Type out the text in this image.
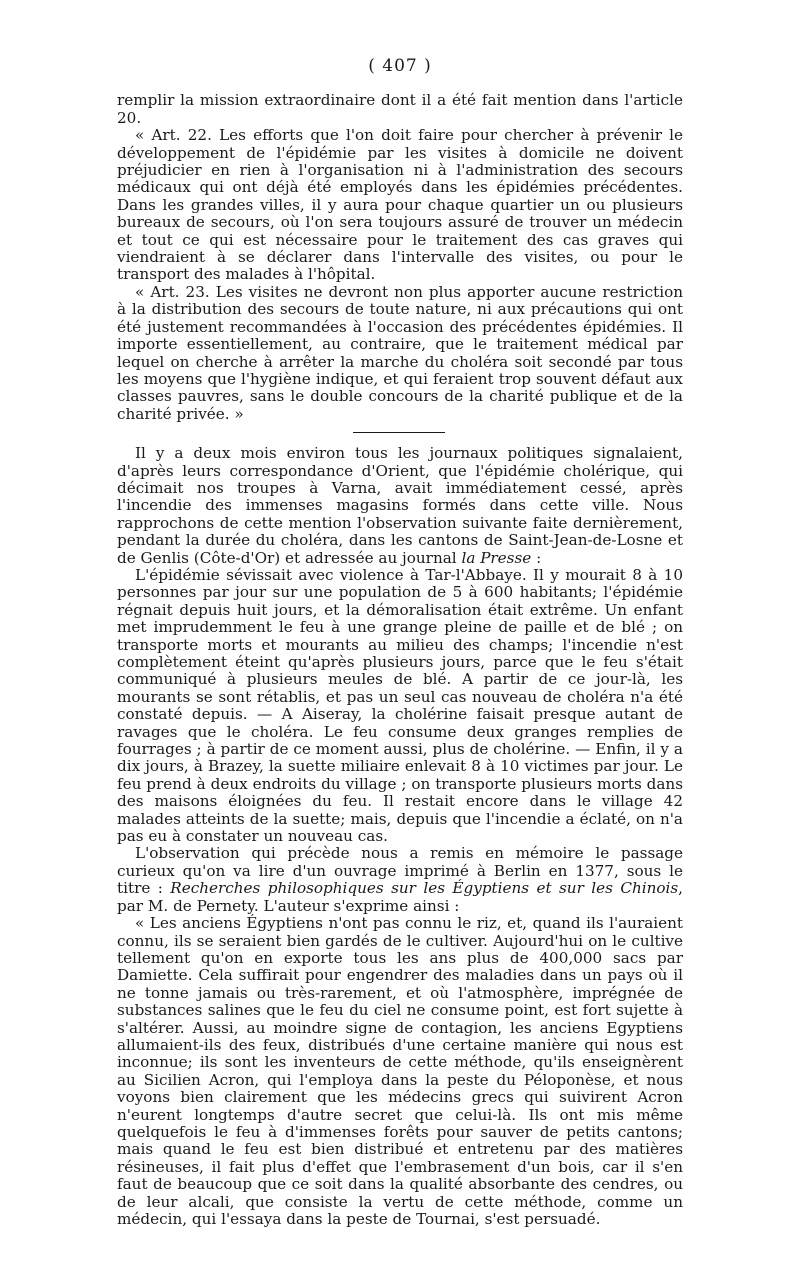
( 407 )

remplir la mission extraordinaire dont il a été fait mention dans l'article 20.

« Art. 22. Les efforts que l'on doit faire pour chercher à prévenir le développement de l'épidémie par les visites à domicile ne doivent préjudicier en rien à l'organisation ni à l'administration des secours médicaux qui ont déjà été employés dans les épidémies précédentes. Dans les grandes villes, il y aura pour chaque quartier un ou plusieurs bureaux de secours, où l'on sera toujours assuré de trouver un médecin et tout ce qui est nécessaire pour le traitement des cas graves qui viendraient à se déclarer dans l'intervalle des visites, ou pour le transport des malades à l'hôpital.

« Art. 23. Les visites ne devront non plus apporter aucune restriction à la distribution des secours de toute nature, ni aux précautions qui ont été justement recommandées à l'occasion des précédentes épidémies. Il importe essentiellement, au contraire, que le traitement médical par lequel on cherche à arrêter la marche du choléra soit secondé par tous les moyens que l'hygiène indique, et qui feraient trop souvent défaut aux classes pauvres, sans le double concours de la charité publique et de la charité privée. »

Il y a deux mois environ tous les journaux politiques signalaient, d'après leurs correspondance d'Orient, que l'épidémie cholérique, qui décimait nos troupes à Varna, avait immédiatement cessé, après l'incendie des immenses magasins formés dans cette ville. Nous rapprochons de cette mention l'observation suivante faite dernièrement, pendant la durée du choléra, dans les cantons de Saint-Jean-de-Losne et de Genlis (Côte-d'Or) et adressée au journal la Presse :

L'épidémie sévissait avec violence à Tar-l'Abbaye. Il y mourait 8 à 10 personnes par jour sur une population de 5 à 600 habitants; l'épidémie régnait depuis huit jours, et la démoralisation était extrême. Un enfant met imprudemment le feu à une grange pleine de paille et de blé ; on transporte morts et mourants au milieu des champs; l'incendie n'est complètement éteint qu'après plusieurs jours, parce que le feu s'était communiqué à plusieurs meules de blé. A partir de ce jour-là, les mourants se sont rétablis, et pas un seul cas nouveau de choléra n'a été constaté depuis. — A Aiseray, la cholérine faisait presque autant de ravages que le choléra. Le feu consume deux granges remplies de fourrages ; à partir de ce moment aussi, plus de cholérine. — Enfin, il y a dix jours, à Brazey, la suette miliaire enlevait 8 à 10 victimes par jour. Le feu prend à deux endroits du village ; on transporte plusieurs morts dans des maisons éloignées du feu. Il restait encore dans le village 42 malades atteints de la suette; mais, depuis que l'incendie a éclaté, on n'a pas eu à constater un nouveau cas.

L'observation qui précède nous a remis en mémoire le passage curieux qu'on va lire d'un ouvrage imprimé à Berlin en 1377, sous le titre : Recherches philosophiques sur les Égyptiens et sur les Chinois, par M. de Pernety. L'auteur s'exprime ainsi :

« Les anciens Égyptiens n'ont pas connu le riz, et, quand ils l'auraient connu, ils se seraient bien gardés de le cultiver. Aujourd'hui on le cultive tellement qu'on en exporte tous les ans plus de 400,000 sacs par Damiette. Cela suffirait pour engendrer des maladies dans un pays où il ne tonne jamais ou très-rarement, et où l'atmosphère, imprégnée de substances salines que le feu du ciel ne consume point, est fort sujette à s'altérer. Aussi, au moindre signe de contagion, les anciens Egyptiens allumaient-ils des feux, distribués d'une certaine manière qui nous est inconnue; ils sont les inventeurs de cette méthode, qu'ils enseignèrent au Sicilien Acron, qui l'employa dans la peste du Péloponèse, et nous voyons bien clairement que les médecins grecs qui suivirent Acron n'eurent longtemps d'autre secret que celui-là. Ils ont mis même quelquefois le feu à d'immenses forêts pour sauver de petits cantons; mais quand le feu est bien distribué et entretenu par des matières résineuses, il fait plus d'effet que l'embrasement d'un bois, car il s'en faut de beaucoup que ce soit dans la qualité absorbante des cendres, ou de leur alcali, que consiste la vertu de cette méthode, comme un médecin, qui l'essaya dans la peste de Tournai, s'est persuadé.
